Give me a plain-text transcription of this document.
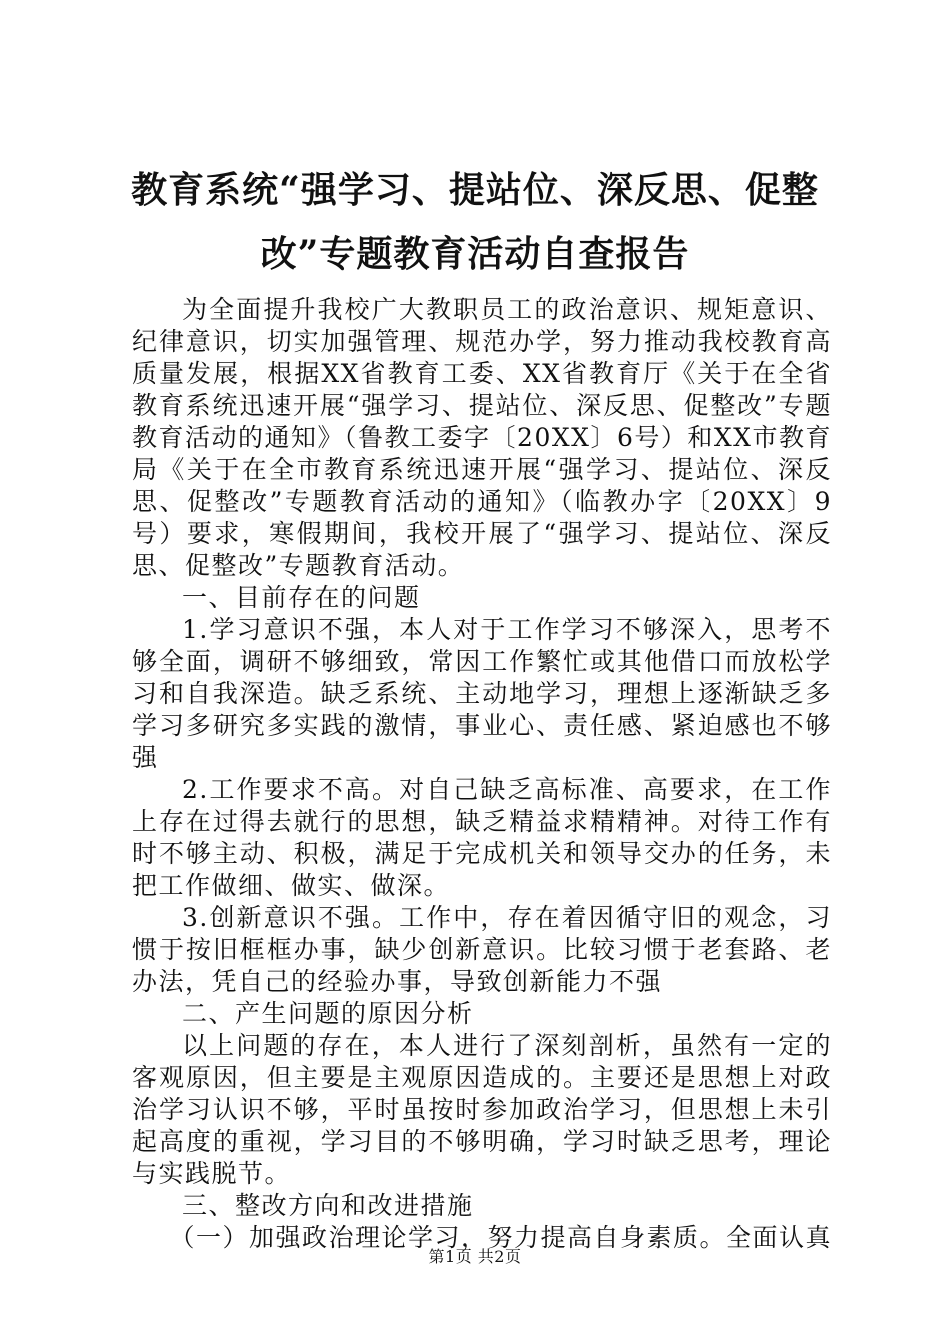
教育系统“强学习、提站位、深反思、促整改”专题教育活动自查报告

为全面提升我校广大教职员工的政治意识、规矩意识、纪律意识，切实加强管理、规范办学，努力推动我校教育高质量发展，根据XX省教育工委、XX省教育厅《关于在全省教育系统迅速开展“强学习、提站位、深反思、促整改”专题教育活动的通知》（鲁教工委字〔20XX〕6号）和XX市教育局《关于在全市教育系统迅速开展“强学习、提站位、深反思、促整改”专题教育活动的通知》（临教办字〔20XX〕9号）要求，寒假期间，我校开展了“强学习、提站位、深反思、促整改”专题教育活动。

一、目前存在的问题

1.学习意识不强，本人对于工作学习不够深入，思考不够全面，调研不够细致，常因工作繁忙或其他借口而放松学习和自我深造。缺乏系统、主动地学习，理想上逐渐缺乏多学习多研究多实践的激情，事业心、责任感、紧迫感也不够强

2.工作要求不高。对自己缺乏高标准、高要求，在工作上存在过得去就行的思想，缺乏精益求精精神。对待工作有时不够主动、积极，满足于完成机关和领导交办的任务，未把工作做细、做实、做深。

3.创新意识不强。工作中，存在着因循守旧的观念，习惯于按旧框框办事，缺少创新意识。比较习惯于老套路、老办法，凭自己的经验办事，导致创新能力不强

二、产生问题的原因分析

以上问题的存在，本人进行了深刻剖析，虽然有一定的客观原因，但主要是主观原因造成的。主要还是思想上对政治学习认识不够，平时虽按时参加政治学习，但思想上未引起高度的重视，学习目的不够明确，学习时缺乏思考，理论与实践脱节。

三、整改方向和改进措施

（一）加强政治理论学习，努力提高自身素质。全面认真

第1页 共2页
